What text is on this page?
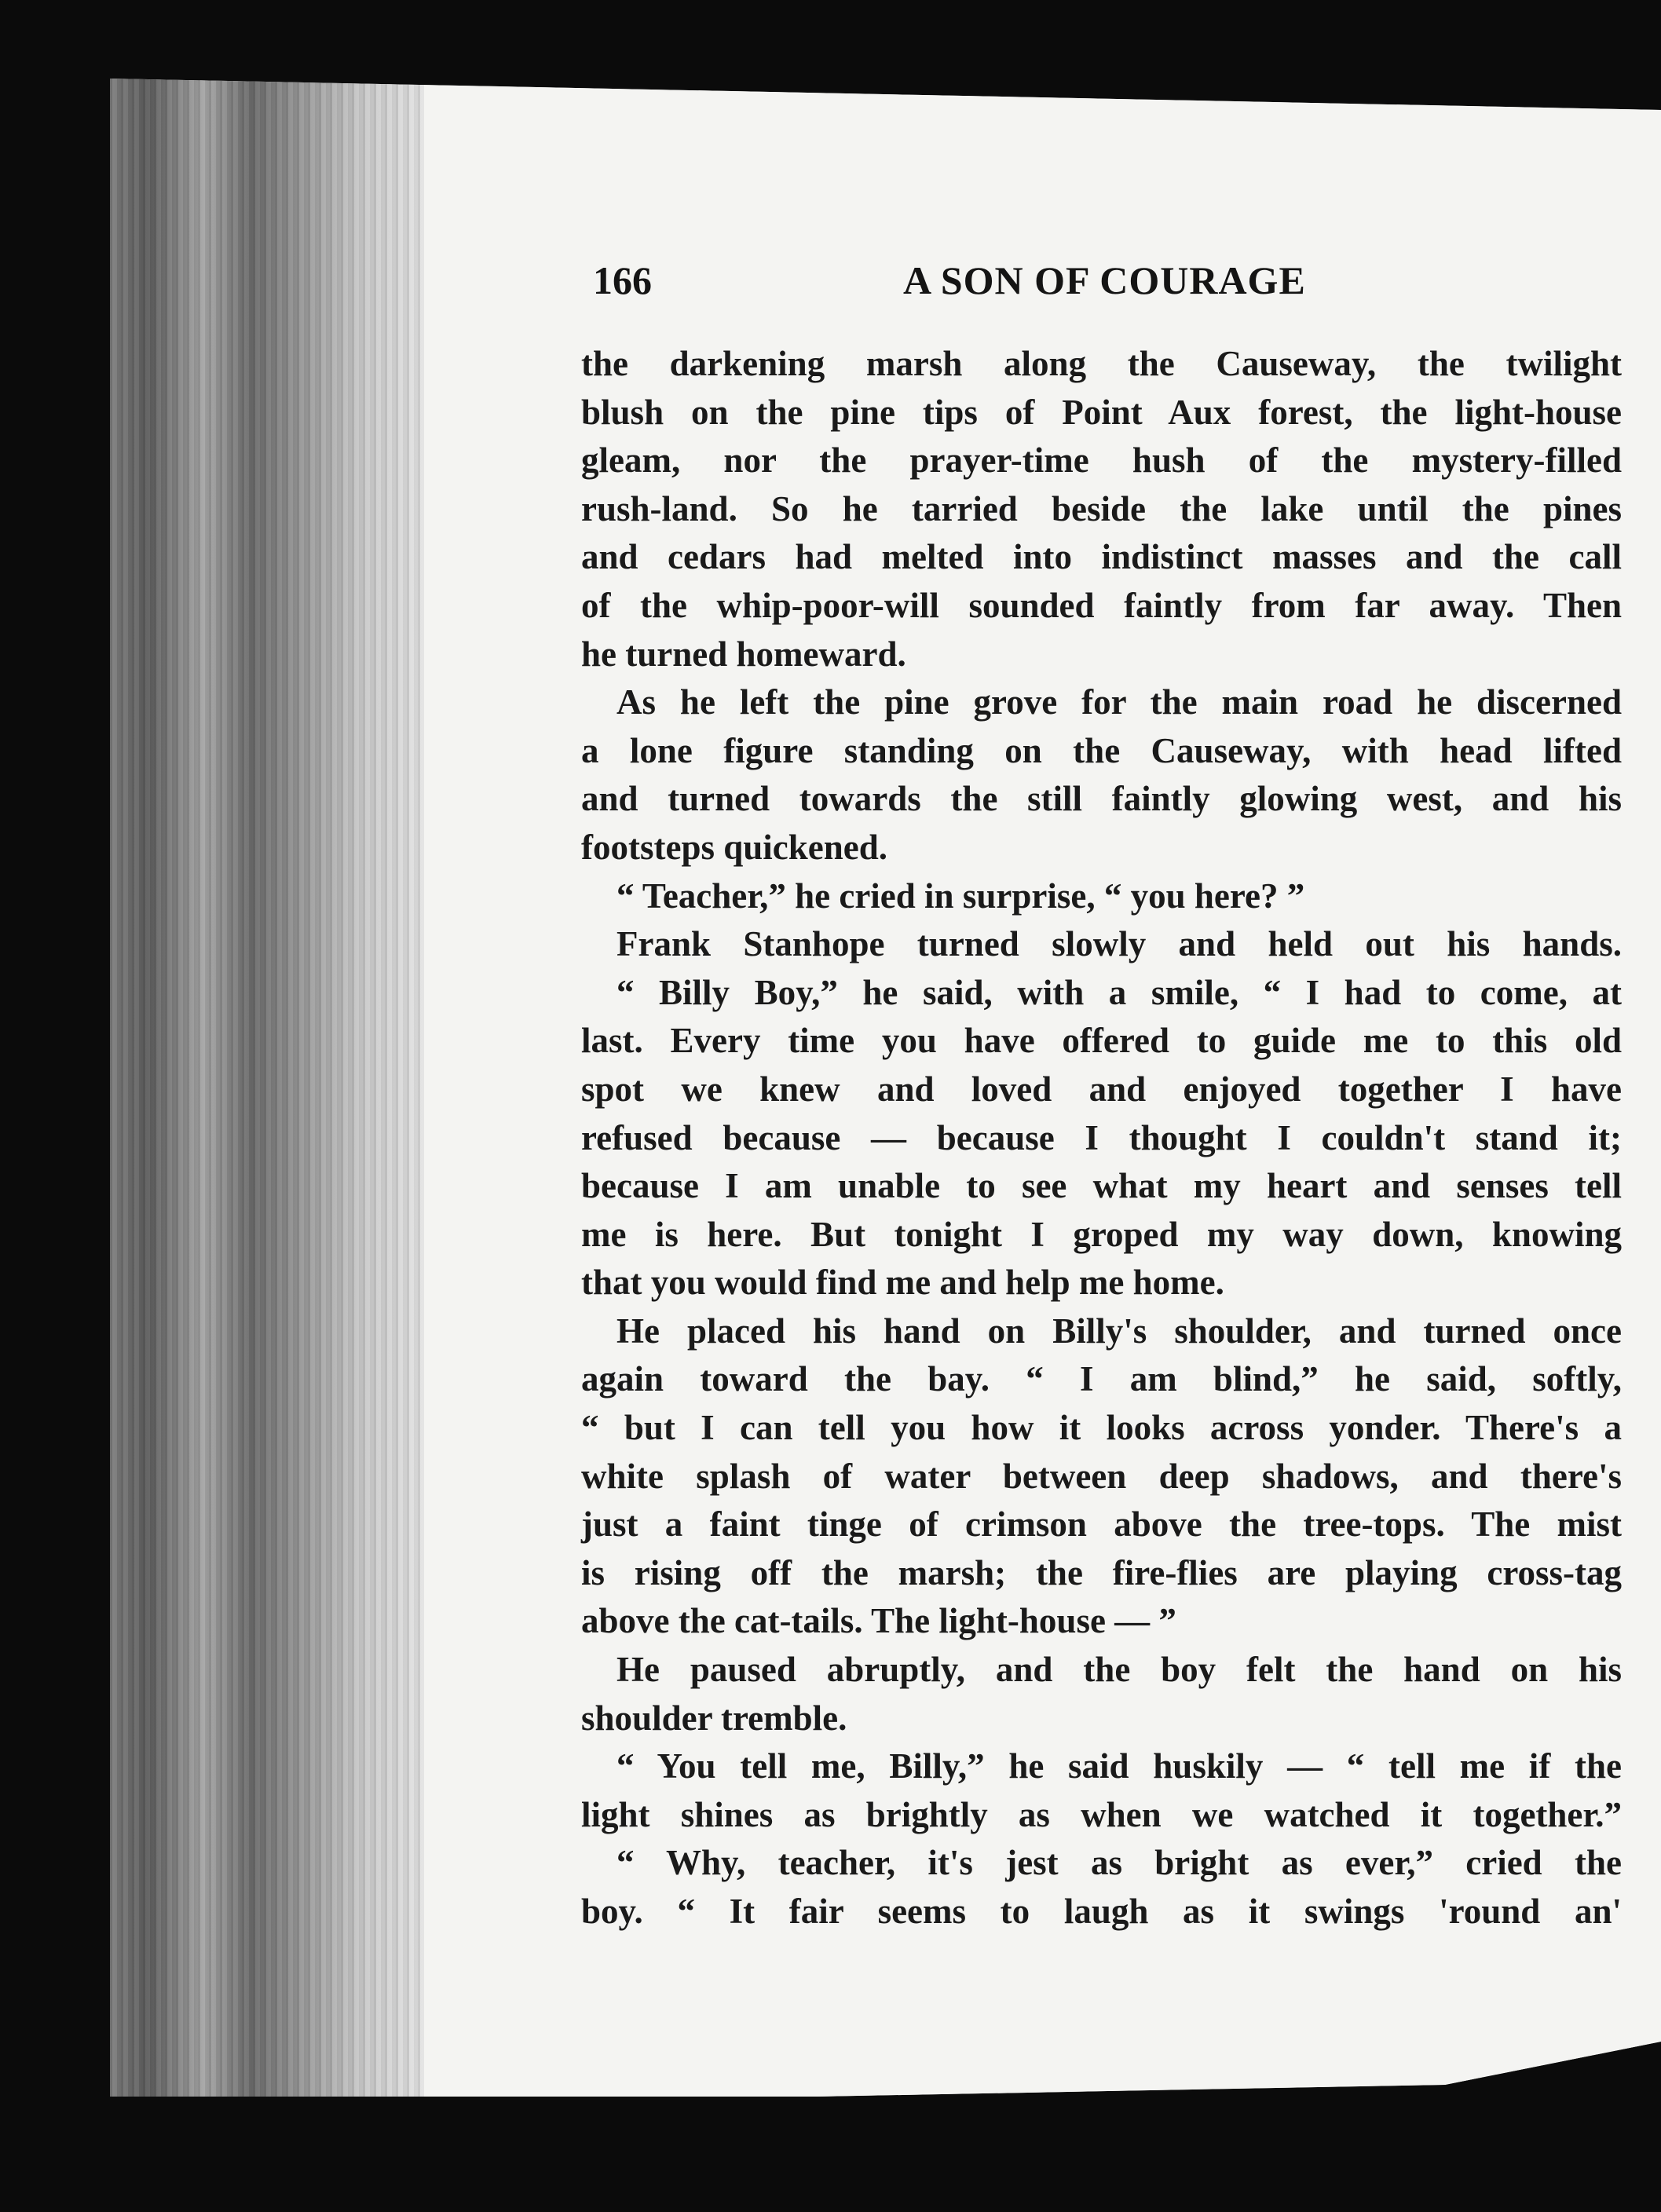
166	A SON OF COURAGE
the darkening marsh along the Causeway, the twilight
blush on the pine tips of Point Aux forest, the light-house
gleam, nor the prayer-time hush of the mystery-filled
rush-land. So he tarried beside the lake until the pines
and cedars had melted into indistinct masses and the call
of the whip-poor-will sounded faintly from far away. Then
he turned homeward.
As he left the pine grove for the main road he discerned
a lone figure standing on the Causeway, with head lifted
and turned towards the still faintly glowing west, and his
footsteps quickened.
“ Teacher,” he cried in surprise, “ you here? ”
Frank Stanhope turned slowly and held out his hands.
“ Billy Boy,” he said, with a smile, “ I had to come, at
last. Every time you have offered to guide me to this old
spot we knew and loved and enjoyed together I have
refused because — because I thought I couldn't stand it;
because I am unable to see what my heart and senses tell
me is here. But tonight I groped my way down, knowing
that you would find me and help me home.
He placed his hand on Billy's shoulder, and turned once
again toward the bay. “ I am blind,” he said, softly,
“ but I can tell you how it looks across yonder. There's a
white splash of water between deep shadows, and there's
just a faint tinge of crimson above the tree-tops. The mist
is rising off the marsh; the fire-flies are playing cross-tag
above the cat-tails. The light-house — ”
He paused abruptly, and the boy felt the hand on his
shoulder tremble.
“ You tell me, Billy,” he said huskily — “ tell me if the
light shines as brightly as when we watched it together.”
“ Why, teacher, it's jest as bright as ever,” cried the
boy. “ It fair seems to laugh as it swings 'round an'
